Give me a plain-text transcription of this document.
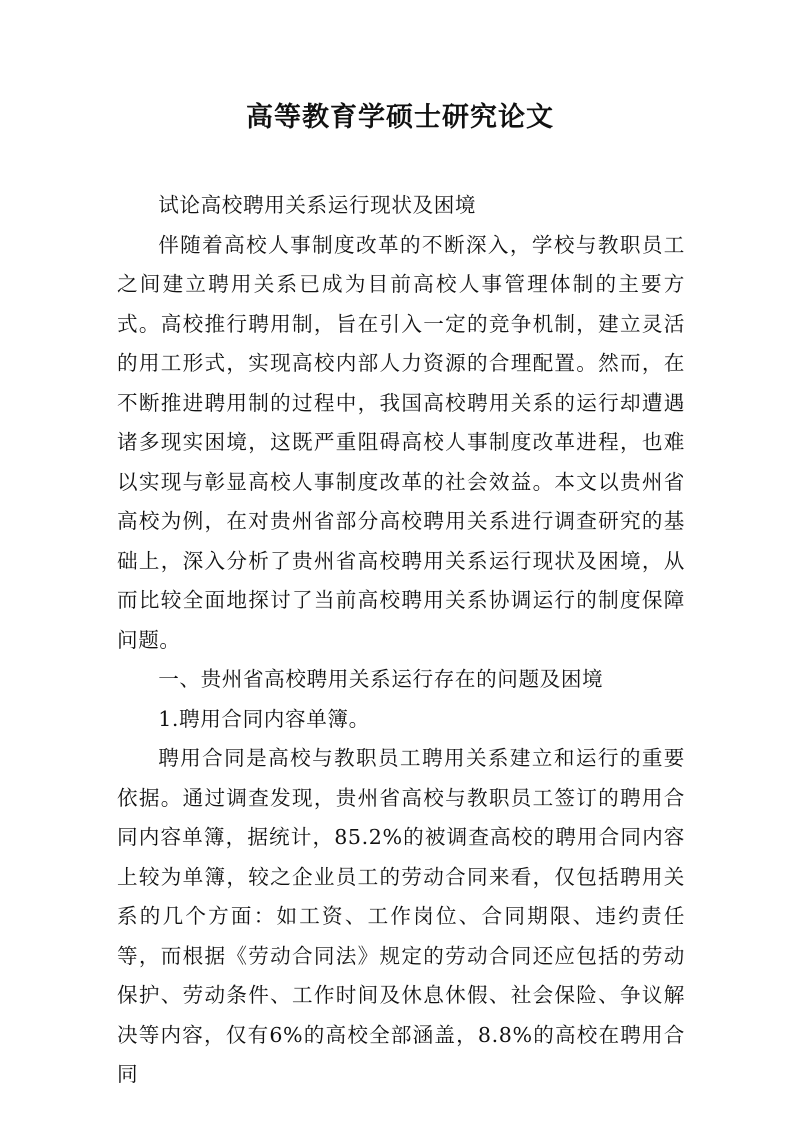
高等教育学硕士研究论文

试论高校聘用关系运行现状及困境

伴随着高校人事制度改革的不断深入，学校与教职员工之间建立聘用关系已成为目前高校人事管理体制的主要方式。高校推行聘用制，旨在引入一定的竞争机制，建立灵活的用工形式，实现高校内部人力资源的合理配置。然而，在不断推进聘用制的过程中，我国高校聘用关系的运行却遭遇诸多现实困境，这既严重阻碍高校人事制度改革进程，也难以实现与彰显高校人事制度改革的社会效益。本文以贵州省高校为例，在对贵州省部分高校聘用关系进行调查研究的基础上，深入分析了贵州省高校聘用关系运行现状及困境，从而比较全面地探讨了当前高校聘用关系协调运行的制度保障问题。

一、贵州省高校聘用关系运行存在的问题及困境

1.聘用合同内容单簿。

聘用合同是高校与教职员工聘用关系建立和运行的重要依据。通过调查发现，贵州省高校与教职员工签订的聘用合同内容单簿，据统计，85.2%的被调查高校的聘用合同内容上较为单簿，较之企业员工的劳动合同来看，仅包括聘用关系的几个方面：如工资、工作岗位、合同期限、违约责任等，而根据《劳动合同法》规定的劳动合同还应包括的劳动保护、劳动条件、工作时间及休息休假、社会保险、争议解决等内容，仅有6%的高校全部涵盖，8.8%的高校在聘用合同
